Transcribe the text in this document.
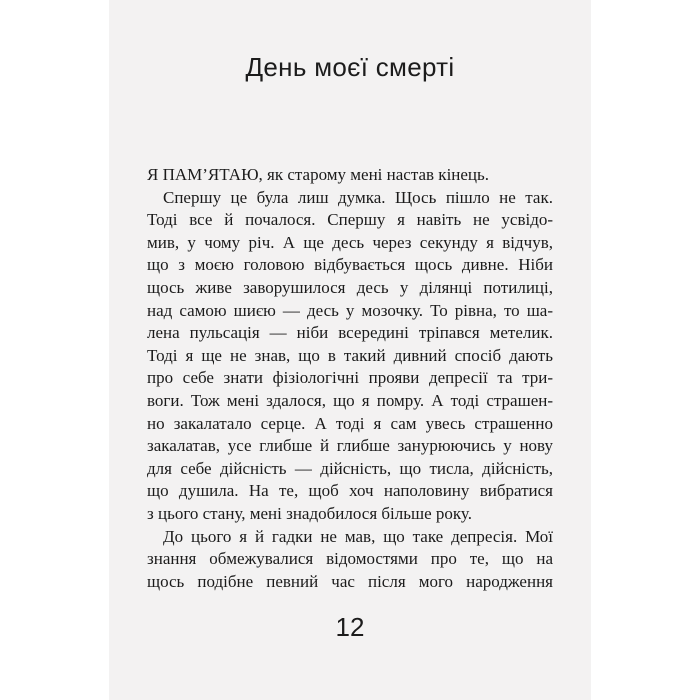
День моєї смерті
Я ПАМ’ЯТАЮ, як старому мені настав кінець.
Спершу це була лиш думка. Щось пішло не так.
Тоді все й почалося. Спершу я навіть не усвідо-
мив, у чому річ. А ще десь через секунду я відчув,
що з моєю головою відбувається щось дивне. Ніби
щось живе заворушилося десь у ділянці потилиці,
над самою шиєю — десь у мозочку. То рівна, то ша-
лена пульсація — ніби всередині тріпався метелик.
Тоді я ще не знав, що в такий дивний спосіб дають
про себе знати фізіологічні прояви депресії та три-
воги. Тож мені здалося, що я помру. А тоді страшен-
но закалатало серце. А тоді я сам увесь страшенно
закалатав, усе глибше й глибше занурюючись у нову
для себе дійсність — дійсність, що тисла, дійсність,
що душила. На те, щоб хоч наполовину вибратися
з цього стану, мені знадобилося більше року.
До цього я й гадки не мав, що таке депресія. Мої
знання обмежувалися відомостями про те, що на
щось подібне певний час після мого народження
12
